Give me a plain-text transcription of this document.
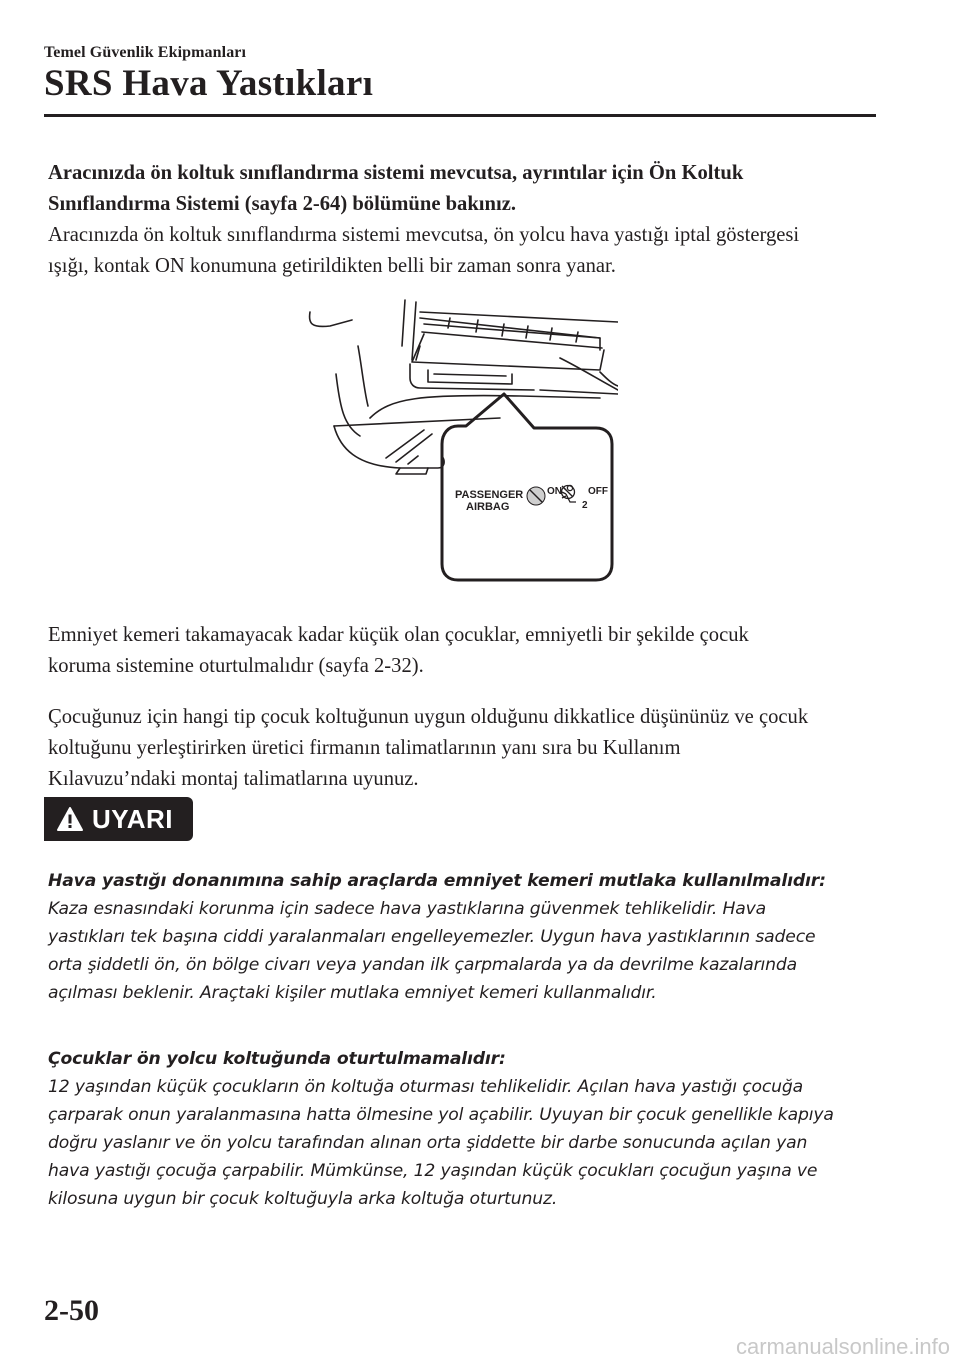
Temel Güvenlik Ekipmanları
SRS Hava Yastıkları

Aracınızda ön koltuk sınıflandırma sistemi mevcutsa, ayrıntılar için Ön Koltuk

Sınıflandırma Sistemi (sayfa 2-64) bölümüne bakınız.

Aracınızda ön koltuk sınıflandırma sistemi mevcutsa, ön yolcu hava yastığı iptal göstergesi

ışığı, kontak ON konumuna getirildikten belli bir zaman sonra yanar.

PASSENGER
AIRBAG
ON	OFF
2

Emniyet kemeri takamayacak kadar küçük olan çocuklar, emniyetli bir şekilde çocuk

koruma sistemine oturtulmalıdır (sayfa 2-32).

Çocuğunuz için hangi tip çocuk koltuğunun uygun olduğunu dikkatlice düşününüz ve çocuk

koltuğunu yerleştirirken üretici firmanın talimatlarının yanı sıra bu Kullanım

Kılavuzu’ndaki montaj talimatlarına uyunuz.

UYARI

Hava yastığı donanımına sahip araçlarda emniyet kemeri mutlaka kullanılmalıdır:

Kaza esnasındaki korunma için sadece hava yastıklarına güvenmek tehlikelidir. Hava

yastıkları tek başına ciddi yaralanmaları engelleyemezler. Uygun hava yastıklarının sadece

orta şiddetli ön, ön bölge civarı veya yandan ilk çarpmalarda ya da devrilme kazalarında

açılması beklenir. Araçtaki kişiler mutlaka emniyet kemeri kullanmalıdır.

Çocuklar ön yolcu koltuğunda oturtulmamalıdır:

12 yaşından küçük çocukların ön koltuğa oturması tehlikelidir. Açılan hava yastığı çocuğa

çarparak onun yaralanmasına hatta ölmesine yol açabilir. Uyuyan bir çocuk genellikle kapıya

doğru yaslanır ve ön yolcu tarafından alınan orta şiddette bir darbe sonucunda açılan yan

hava yastığı çocuğa çarpabilir. Mümkünse, 12 yaşından küçük çocukları çocuğun yaşına ve

kilosuna uygun bir çocuk koltuğuyla arka koltuğa oturtunuz.

2-50
carmanualsonline.info
